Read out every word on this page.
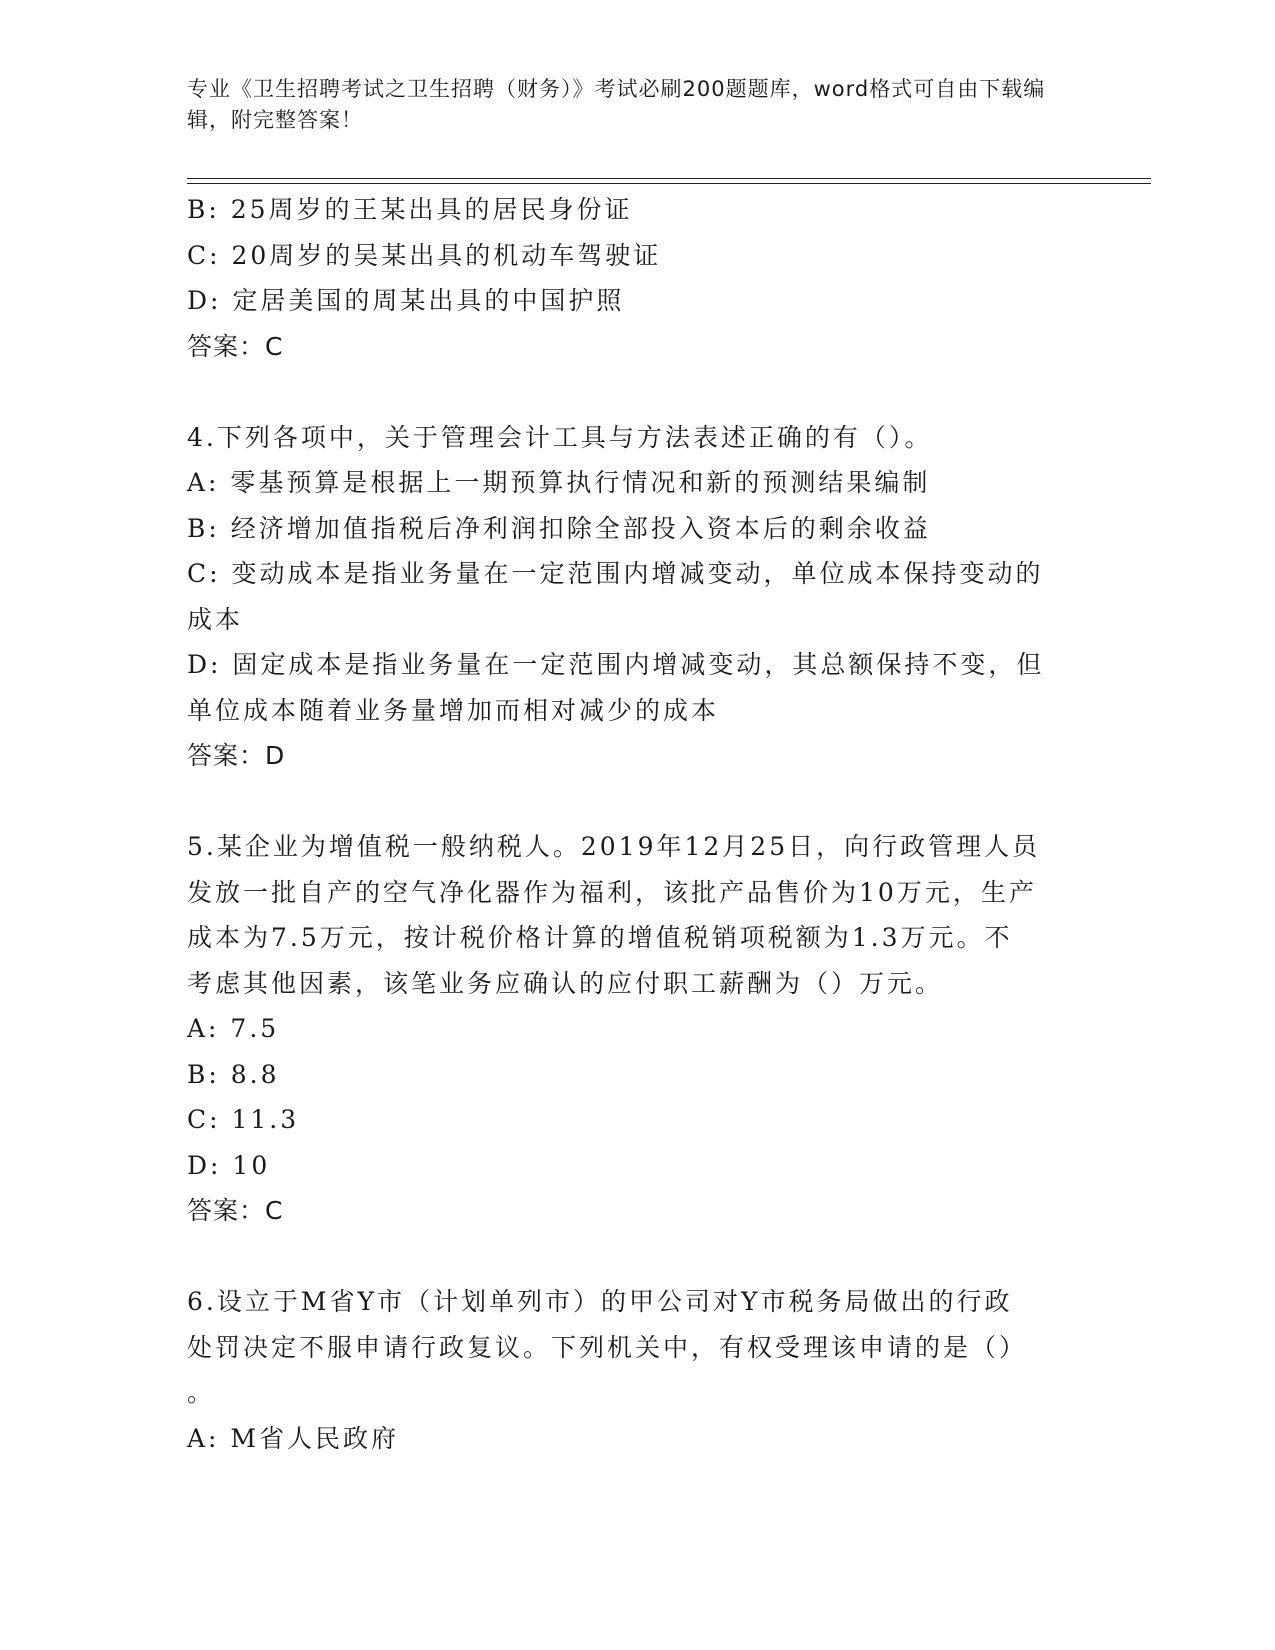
专业《卫生招聘考试之卫生招聘（财务）》考试必刷200题题库，word格式可自由下载编辑，附完整答案！
B: 25周岁的王某出具的居民身份证
C: 20周岁的吴某出具的机动车驾驶证
D: 定居美国的周某出具的中国护照
答案：C
4.下列各项中，关于管理会计工具与方法表述正确的有（）。
A: 零基预算是根据上一期预算执行情况和新的预测结果编制
B: 经济增加值指税后净利润扣除全部投入资本后的剩余收益
C: 变动成本是指业务量在一定范围内增减变动，单位成本保持变动的
成本
D: 固定成本是指业务量在一定范围内增减变动，其总额保持不变，但
单位成本随着业务量增加而相对减少的成本
答案：D
5.某企业为增值税一般纳税人。2019年12月25日，向行政管理人员
发放一批自产的空气净化器作为福利，该批产品售价为10万元，生产
成本为7.5万元，按计税价格计算的增值税销项税额为1.3万元。不
考虑其他因素，该笔业务应确认的应付职工薪酬为（）万元。
A: 7.5
B: 8.8
C: 11.3
D: 10
答案：C
6.设立于M省Y市（计划单列市）的甲公司对Y市税务局做出的行政
处罚决定不服申请行政复议。下列机关中，有权受理该申请的是（）
。
A: M省人民政府
